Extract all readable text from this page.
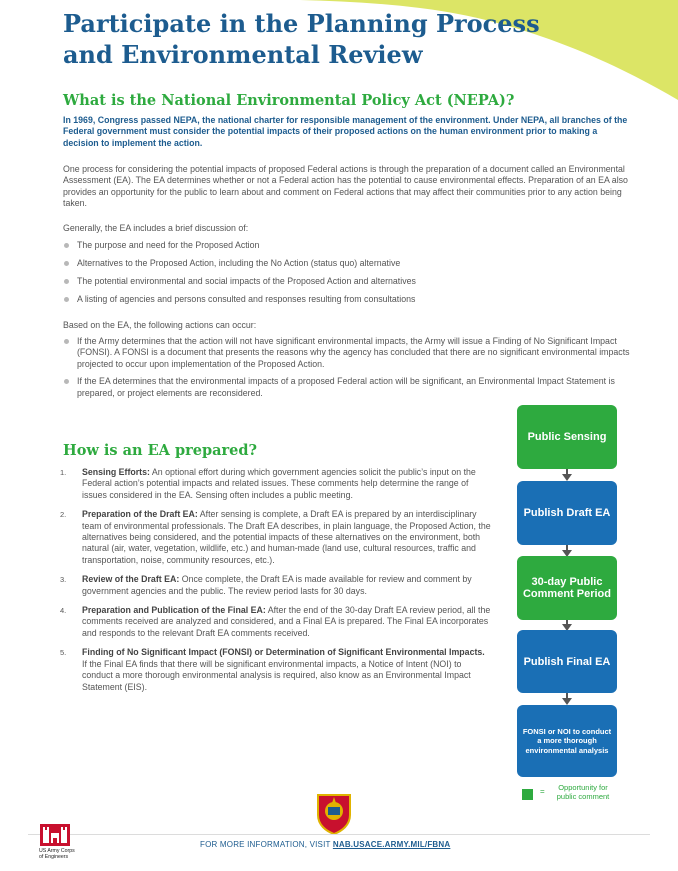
Participate in the Planning Process
and Environmental Review
What is the National Environmental Policy Act (NEPA)?

In 1969, Congress passed NEPA, the national charter for responsible management of the environment. Under NEPA, all branches of the Federal government must consider the potential impacts of their proposed actions on the human environment prior to making a decision to implement the action.

One process for considering the potential impacts of proposed Federal actions is through the preparation of a document called an Environmental Assessment (EA). The EA determines whether or not a Federal action has the potential to cause environmental effects. Preparation of an EA also provides an opportunity for the public to learn about and comment on Federal actions that may affect their communities prior to any action being taken.

Generally, the EA includes a brief discussion of:

The purpose and need for the Proposed Action
Alternatives to the Proposed Action, including the No Action (status quo) alternative
The potential environmental and social impacts of the Proposed Action and alternatives
A listing of agencies and persons consulted and responses resulting from consultations

Based on the EA, the following actions can occur:

If the Army determines that the action will not have significant environmental impacts, the Army will issue a Finding of No Significant Impact (FONSI). A FONSI is a document that presents the reasons why the agency has concluded that there are no significant environmental impacts projected to occur upon implementation of the Proposed Action.
If the EA determines that the environmental impacts of a proposed Federal action will be significant, an Environmental Impact Statement is prepared, or project elements are reconsidered.
How is an EA prepared?
1. Sensing Efforts: An optional effort during which government agencies solicit the public’s input on the Federal action’s potential impacts and related issues. These comments help determine the range of issues considered in the EA. Sensing often includes a public meeting.
2. Preparation of the Draft EA: After sensing is complete, a Draft EA is prepared by an interdisciplinary team of environmental professionals. The Draft EA describes, in plain language, the Proposed Action, the alternatives being considered, and the potential impacts of these alternatives on the environment, both natural (air, water, vegetation, wildlife, etc.) and human-made (land use, cultural resources, traffic and transportation, noise, community resources, etc.).
3. Review of the Draft EA: Once complete, the Draft EA is made available for review and comment by government agencies and the public. The review period lasts for 30 days.
4. Preparation and Publication of the Final EA: After the end of the 30-day Draft EA review period, all the comments received are analyzed and considered, and a Final EA is prepared. The Final EA incorporates and responds to the relevant Draft EA comments received.
5. Finding of No Significant Impact (FONSI) or Determination of Significant Environmental Impacts. If the Final EA finds that there will be significant environmental impacts, a Notice of Intent (NOI) to conduct a more thorough environmental analysis is required, also know as an Environmental Impact Statement (EIS).
Public Sensing
Publish Draft EA
30-day Public Comment Period
Publish Final EA
FONSI or NOI to conduct a more thorough environmental analysis
=	Opportunity for public comment
US Army Corps
of Engineers
FOR MORE INFORMATION, VISIT NAB.USACE.ARMY.MIL/FBNA
